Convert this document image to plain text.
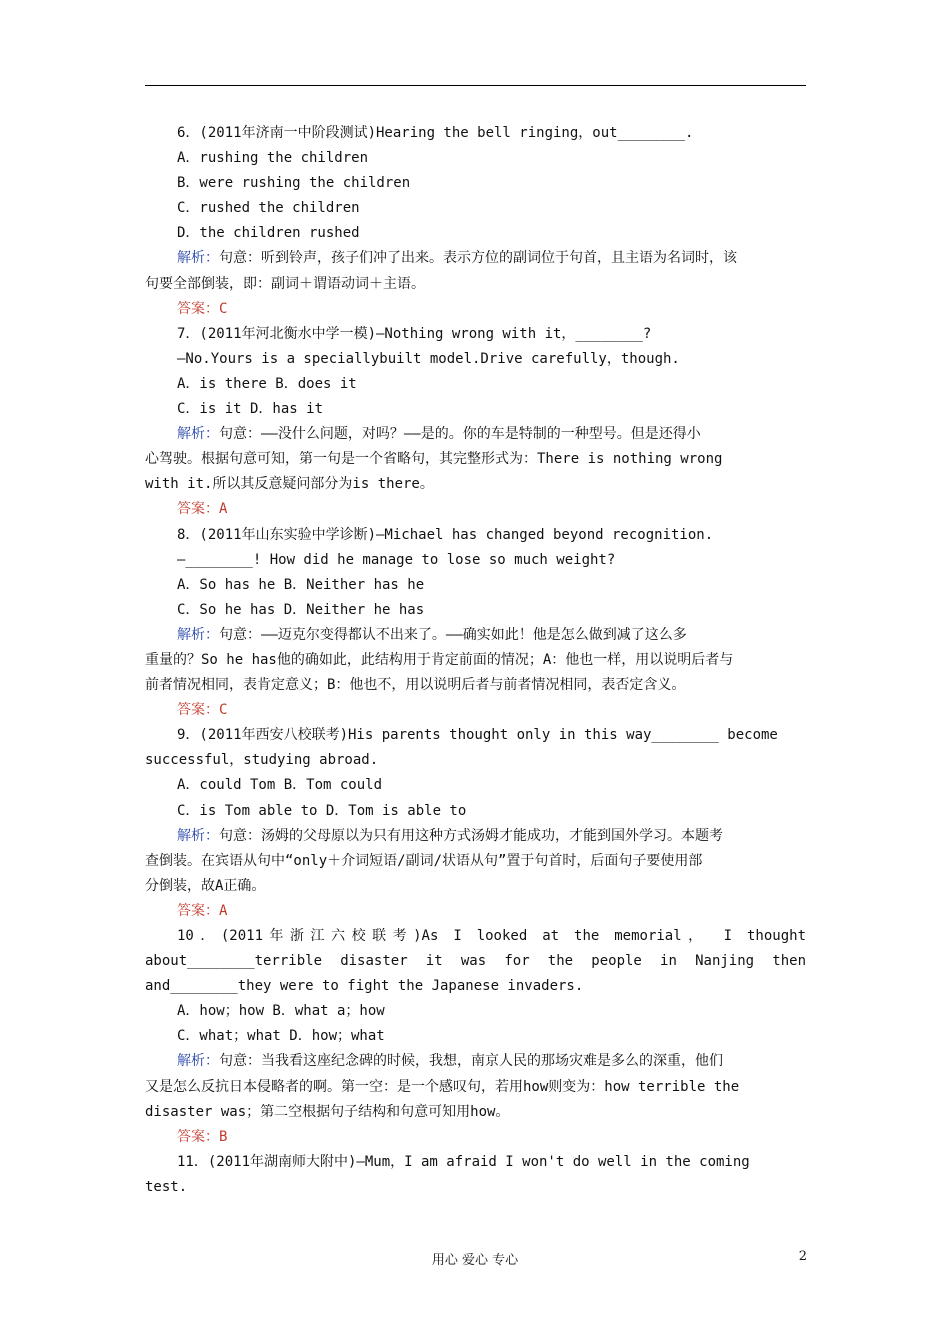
6．(2011年济南一中阶段测试)Hearing the bell ringing，out________.
A．rushing the children
B．were rushing the children
C．rushed the children
D．the children rushed
解析：句意：听到铃声，孩子们冲了出来。表示方位的副词位于句首，且主语为名词时，该
句要全部倒装，即：副词＋谓语动词＋主语。
答案：C
7．(2011年河北衡水中学一模)—Nothing wrong with it，________?
—No.Yours is a speciallybuilt model.Drive carefully，though.
A．is there B．does it
C．is it D．has it
解析：句意：——没什么问题，对吗？——是的。你的车是特制的一种型号。但是还得小
心驾驶。根据句意可知，第一句是一个省略句，其完整形式为：There is nothing wrong
with it.所以其反意疑问部分为is there。
答案：A
8．(2011年山东实验中学诊断)—Michael has changed beyond recognition.
—________! How did he manage to lose so much weight?
A．So has he B．Neither has he
C．So he has D．Neither he has
解析：句意：——迈克尔变得都认不出来了。——确实如此！他是怎么做到减了这么多
重量的？So he has他的确如此，此结构用于肯定前面的情况；A：他也一样，用以说明后者与
前者情况相同，表肯定意义；B：他也不，用以说明后者与前者情况相同，表否定含义。
答案：C
9．(2011年西安八校联考)His parents thought only in this way________ become
successful，studying abroad.
A．could Tom B．Tom could
C．is Tom able to D．Tom is able to
解析：句意：汤姆的父母原以为只有用这种方式汤姆才能成功，才能到国外学习。本题考
查倒装。在宾语从句中“only＋介词短语/副词/状语从句”置于句首时，后面句子要使用部
分倒装，故A正确。
答案：A
10．(2011年浙江六校联考)As I looked at the memorial， I thought
about________terrible disaster it was for the people in Nanjing then
and________they were to fight the Japanese invaders.
A．how；how B．what a；how
C．what；what D．how；what
解析：句意：当我看这座纪念碑的时候，我想，南京人民的那场灾难是多么的深重，他们
又是怎么反抗日本侵略者的啊。第一空：是一个感叹句，若用how则变为：how terrible the
disaster was；第二空根据句子结构和句意可知用how。
答案：B
11．(2011年湖南师大附中)—Mum，I am afraid I won't do well in the coming
test.
用心 爱心 专心	2
